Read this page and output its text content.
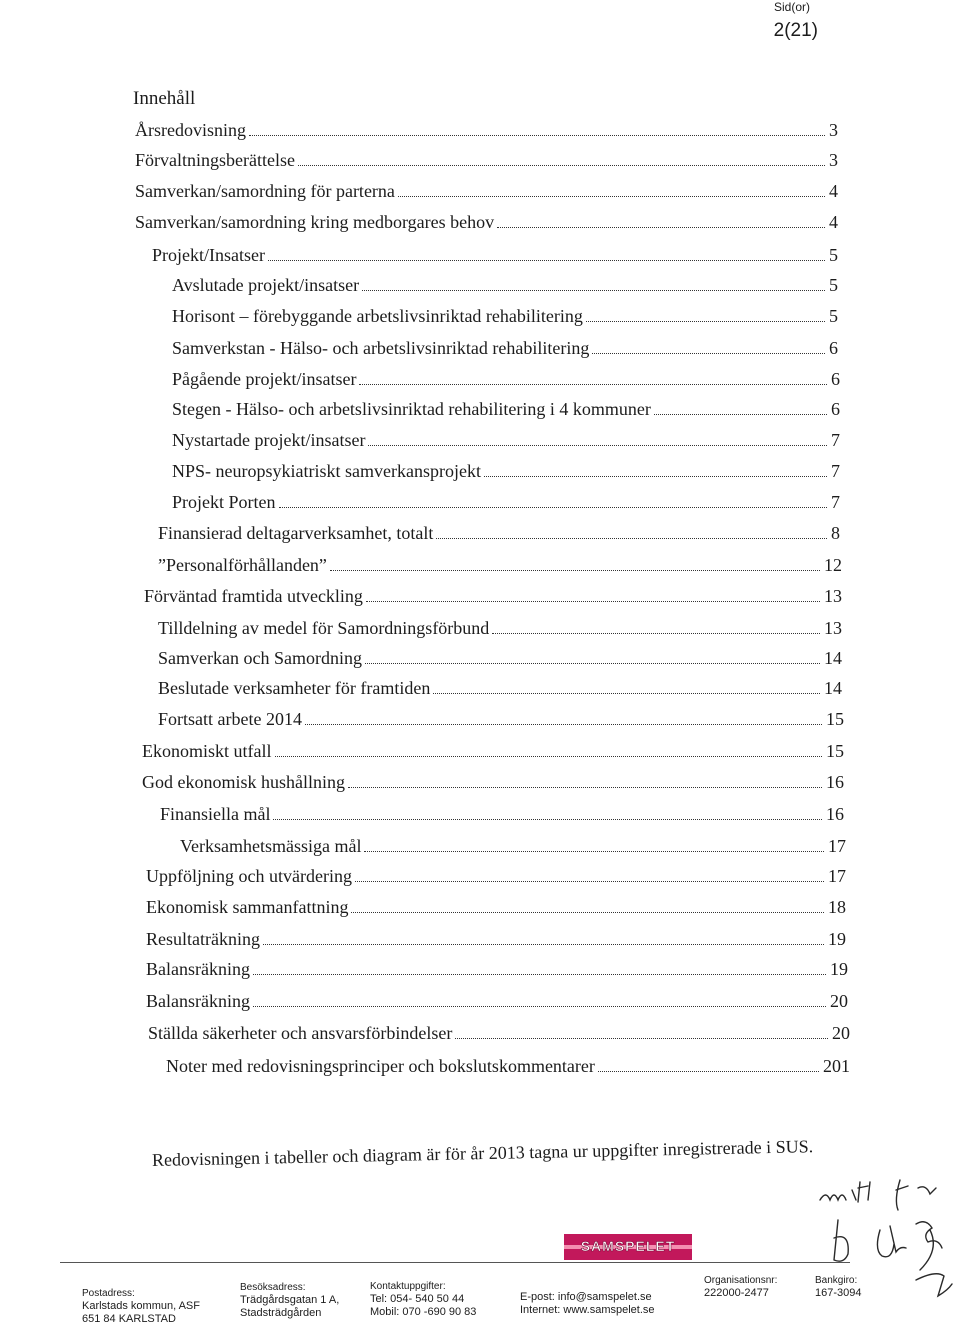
Sid(or)
2(21)
Innehåll
Årsredovisning	3
Förvaltningsberättelse	3
Samverkan/samordning för parterna	4
Samverkan/samordning kring medborgares behov	4
Projekt/Insatser	5
Avslutade projekt/insatser	5
Horisont – förebyggande arbetslivsinriktad rehabilitering	5
Samverkstan - Hälso- och arbetslivsinriktad rehabilitering	6
Pågående projekt/insatser	6
Stegen - Hälso- och arbetslivsinriktad rehabilitering i 4 kommuner	6
Nystartade projekt/insatser	7
NPS- neuropsykiatriskt samverkansprojekt	7
Projekt Porten	7
Finansierad deltagarverksamhet, totalt	8
”Personalförhållanden”	12
Förväntad framtida utveckling	13
Tilldelning av medel för Samordningsförbund	13
Samverkan och Samordning	14
Beslutade verksamheter för framtiden	14
Fortsatt arbete 2014	15
Ekonomiskt utfall	15
God ekonomisk hushållning	16
Finansiella mål	16
Verksamhetsmässiga mål	17
Uppföljning och utvärdering	17
Ekonomisk sammanfattning	18
Resultaträkning	19
Balansräkning	19
Balansräkning	20
Ställda säkerheter och ansvarsförbindelser	20
Noter med redovisningsprinciper och bokslutskommentarer	201
Redovisningen i tabeller och diagram är för år 2013 tagna ur uppgifter inregistrerade i SUS.
SAMSPELET
Postadress:
Karlstads kommun, ASF
651 84 KARLSTAD
Besöksadress:
Trädgårdsgatan 1 A,
Stadsträdgården
Kontaktuppgifter:
Tel: 054- 540 50 44
Mobil: 070 -690 90 83
E-post: info@samspelet.se
Internet: www.samspelet.se
Organisationsnr:
222000-2477
Bankgiro:
167-3094
